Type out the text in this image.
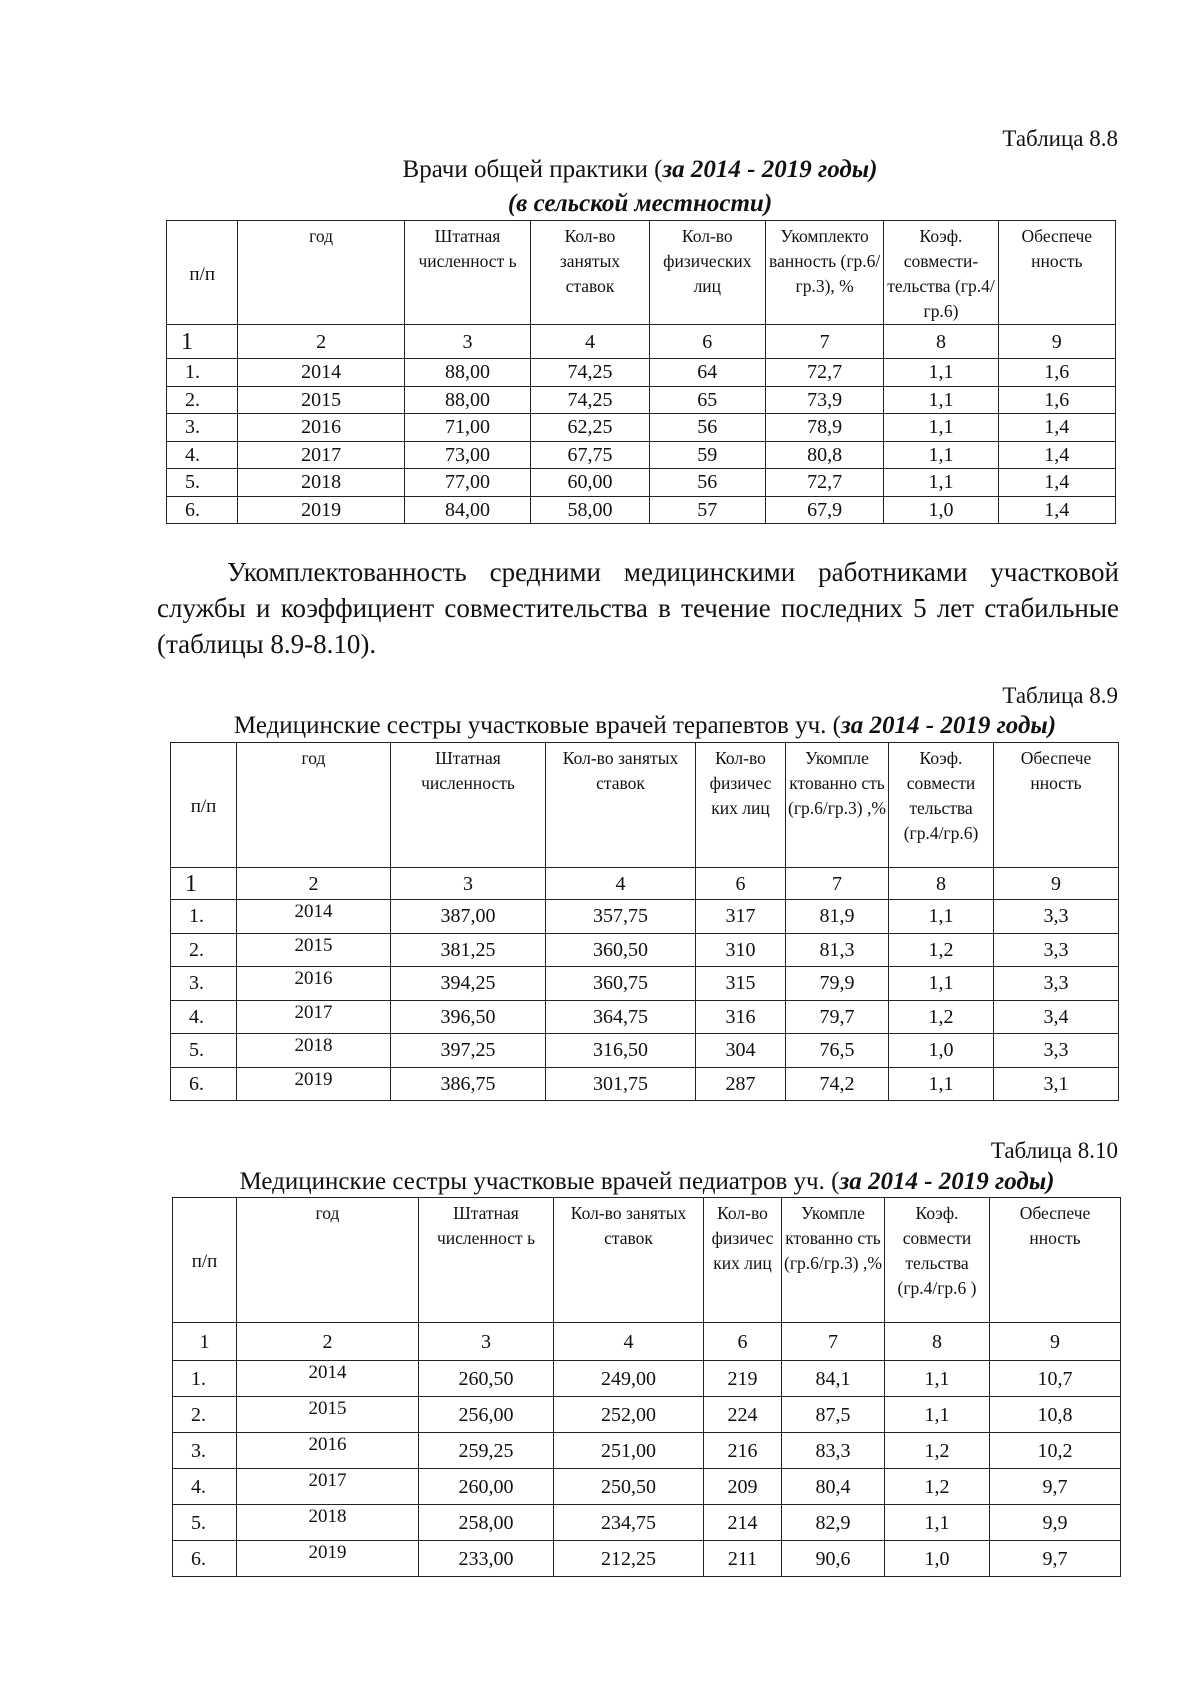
Таблица 8.8
Врачи общей практики (за 2014 - 2019 годы)
(в сельской местности)
п/п	год	Штатная численност ь	Кол-во занятых ставок	Кол-во физических лиц	Укомплекто ванность (гр.6/гр.3), %	Коэф. совмести- тельства (гр.4/гр.6)	Обеспече нность
1	2	3	4	6	7	8	9
1.	2014	88,00	74,25	64	72,7	1,1	1,6
2.	2015	88,00	74,25	65	73,9	1,1	1,6
3.	2016	71,00	62,25	56	78,9	1,1	1,4
4.	2017	73,00	67,75	59	80,8	1,1	1,4
5.	2018	77,00	60,00	56	72,7	1,1	1,4
6.	2019	84,00	58,00	57	67,9	1,0	1,4
Укомплектованность средними медицинскими работниками участковой службы и коэффициент совместительства в течение последних 5 лет стабильные (таблицы 8.9-8.10).
Таблица 8.9
Медицинские сестры участковые врачей терапевтов уч. (за 2014 - 2019 годы)
п/п	год	Штатная численность	Кол-во занятых ставок	Кол-во физичес ких лиц	Укомпле ктованно сть (гр.6/гр.3) ,%	Коэф. совмести тельства (гр.4/гр.6)	Обеспече нность
1	2	3	4	6	7	8	9
1.	2014	387,00	357,75	317	81,9	1,1	3,3
2.	2015	381,25	360,50	310	81,3	1,2	3,3
3.	2016	394,25	360,75	315	79,9	1,1	3,3
4.	2017	396,50	364,75	316	79,7	1,2	3,4
5.	2018	397,25	316,50	304	76,5	1,0	3,3
6.	2019	386,75	301,75	287	74,2	1,1	3,1
Таблица 8.10
Медицинские сестры участковые врачей педиатров уч. (за 2014 - 2019 годы)
п/п	год	Штатная численност ь	Кол-во занятых ставок	Кол-во физичес ких лиц	Укомпле ктованно сть (гр.6/гр.3) ,%	Коэф. совмести тельства (гр.4/гр.6 )	Обеспече нность
1	2	3	4	6	7	8	9
1.	2014	260,50	249,00	219	84,1	1,1	10,7
2.	2015	256,00	252,00	224	87,5	1,1	10,8
3.	2016	259,25	251,00	216	83,3	1,2	10,2
4.	2017	260,00	250,50	209	80,4	1,2	9,7
5.	2018	258,00	234,75	214	82,9	1,1	9,9
6.	2019	233,00	212,25	211	90,6	1,0	9,7
